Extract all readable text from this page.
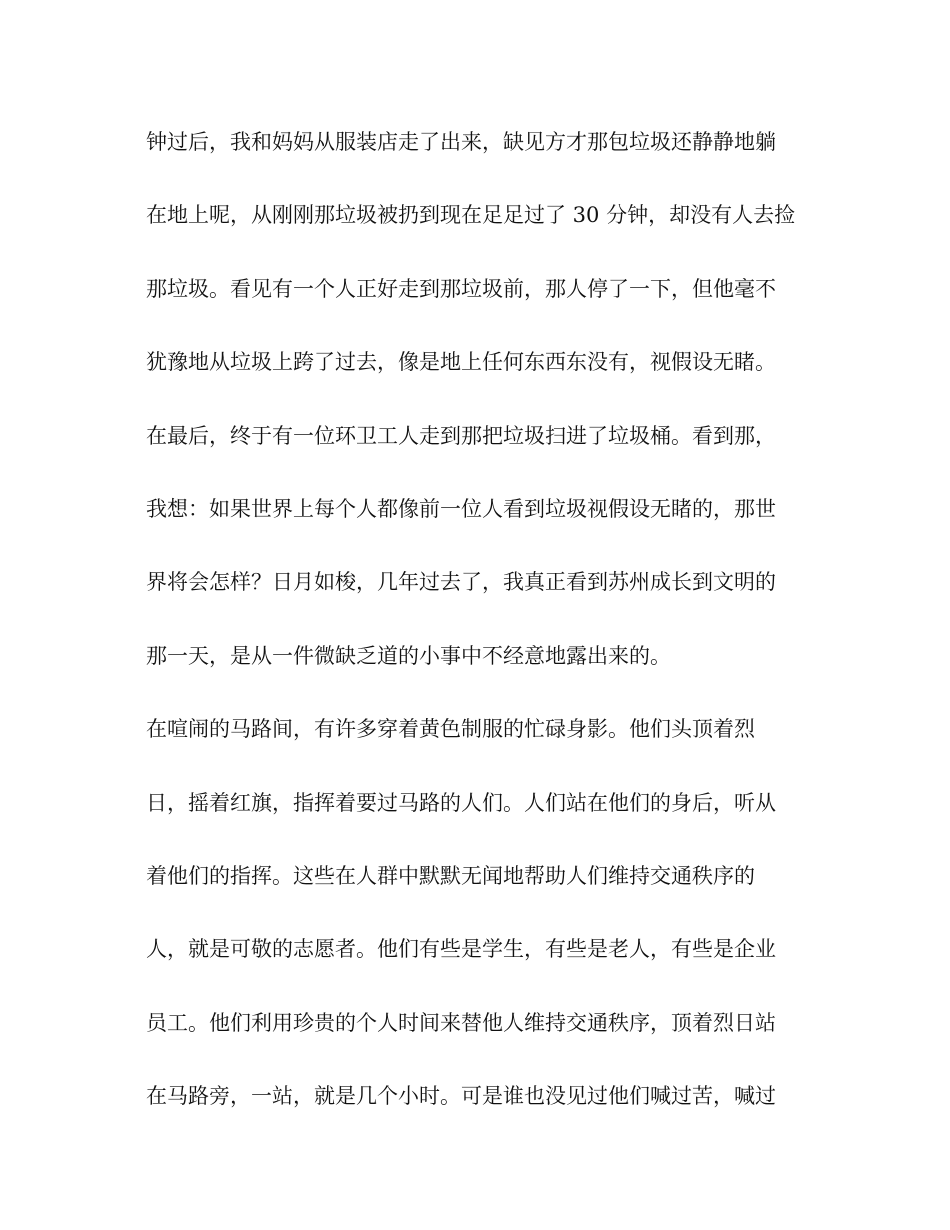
钟过后，我和妈妈从服装店走了出来，缺见方才那包垃圾还静静地躺
在地上呢，从刚刚那垃圾被扔到现在足足过了 30 分钟，却没有人去捡
那垃圾。看见有一个人正好走到那垃圾前，那人停了一下，但他毫不
犹豫地从垃圾上跨了过去，像是地上任何东西东没有，视假设无睹。
在最后，终于有一位环卫工人走到那把垃圾扫进了垃圾桶。看到那，
我想：如果世界上每个人都像前一位人看到垃圾视假设无睹的，那世
界将会怎样？日月如梭，几年过去了，我真正看到苏州成长到文明的
那一天，是从一件微缺乏道的小事中不经意地露出来的。
在喧闹的马路间，有许多穿着黄色制服的忙碌身影。他们头顶着烈
日，摇着红旗，指挥着要过马路的人们。人们站在他们的身后，听从
着他们的指挥。这些在人群中默默无闻地帮助人们维持交通秩序的
人，就是可敬的志愿者。他们有些是学生，有些是老人，有些是企业
员工。他们利用珍贵的个人时间来替他人维持交通秩序，顶着烈日站
在马路旁，一站，就是几个小时。可是谁也没见过他们喊过苦，喊过
